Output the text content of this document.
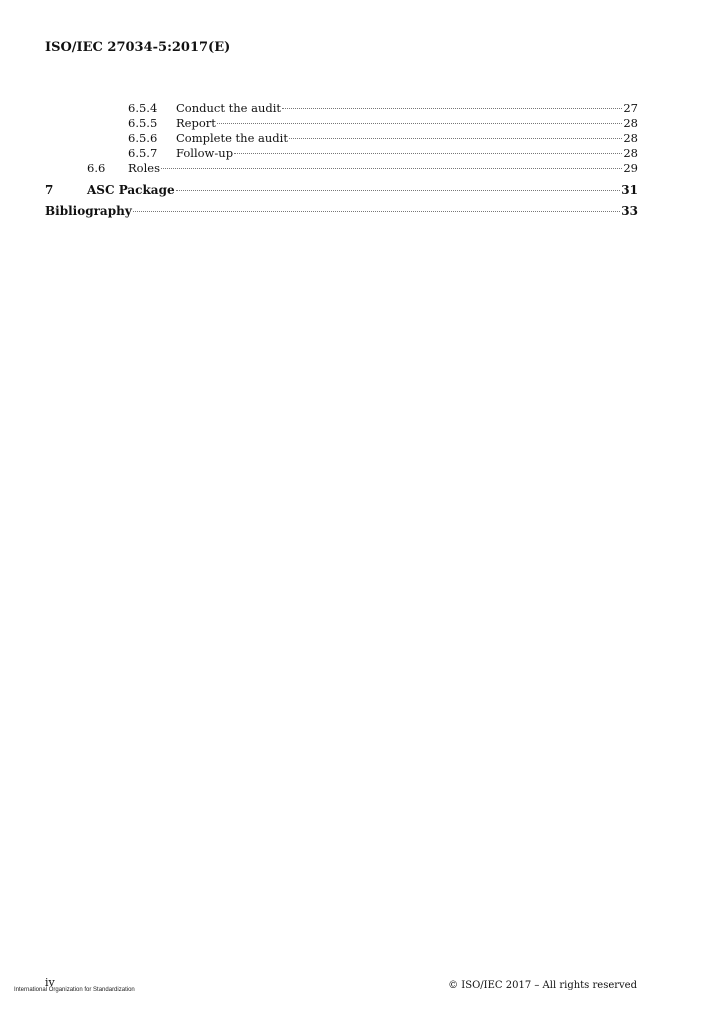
ISO/IEC 27034-5:2017(E)
6.5.4 Conduct the audit	27
6.5.5 Report	28
6.5.6 Complete the audit	28
6.5.7 Follow-up	28
6.6 Roles	29
7	ASC Package	31
Bibliography	33
iv
International Organization for Standardization	© ISO/IEC 2017 – All rights reserved
